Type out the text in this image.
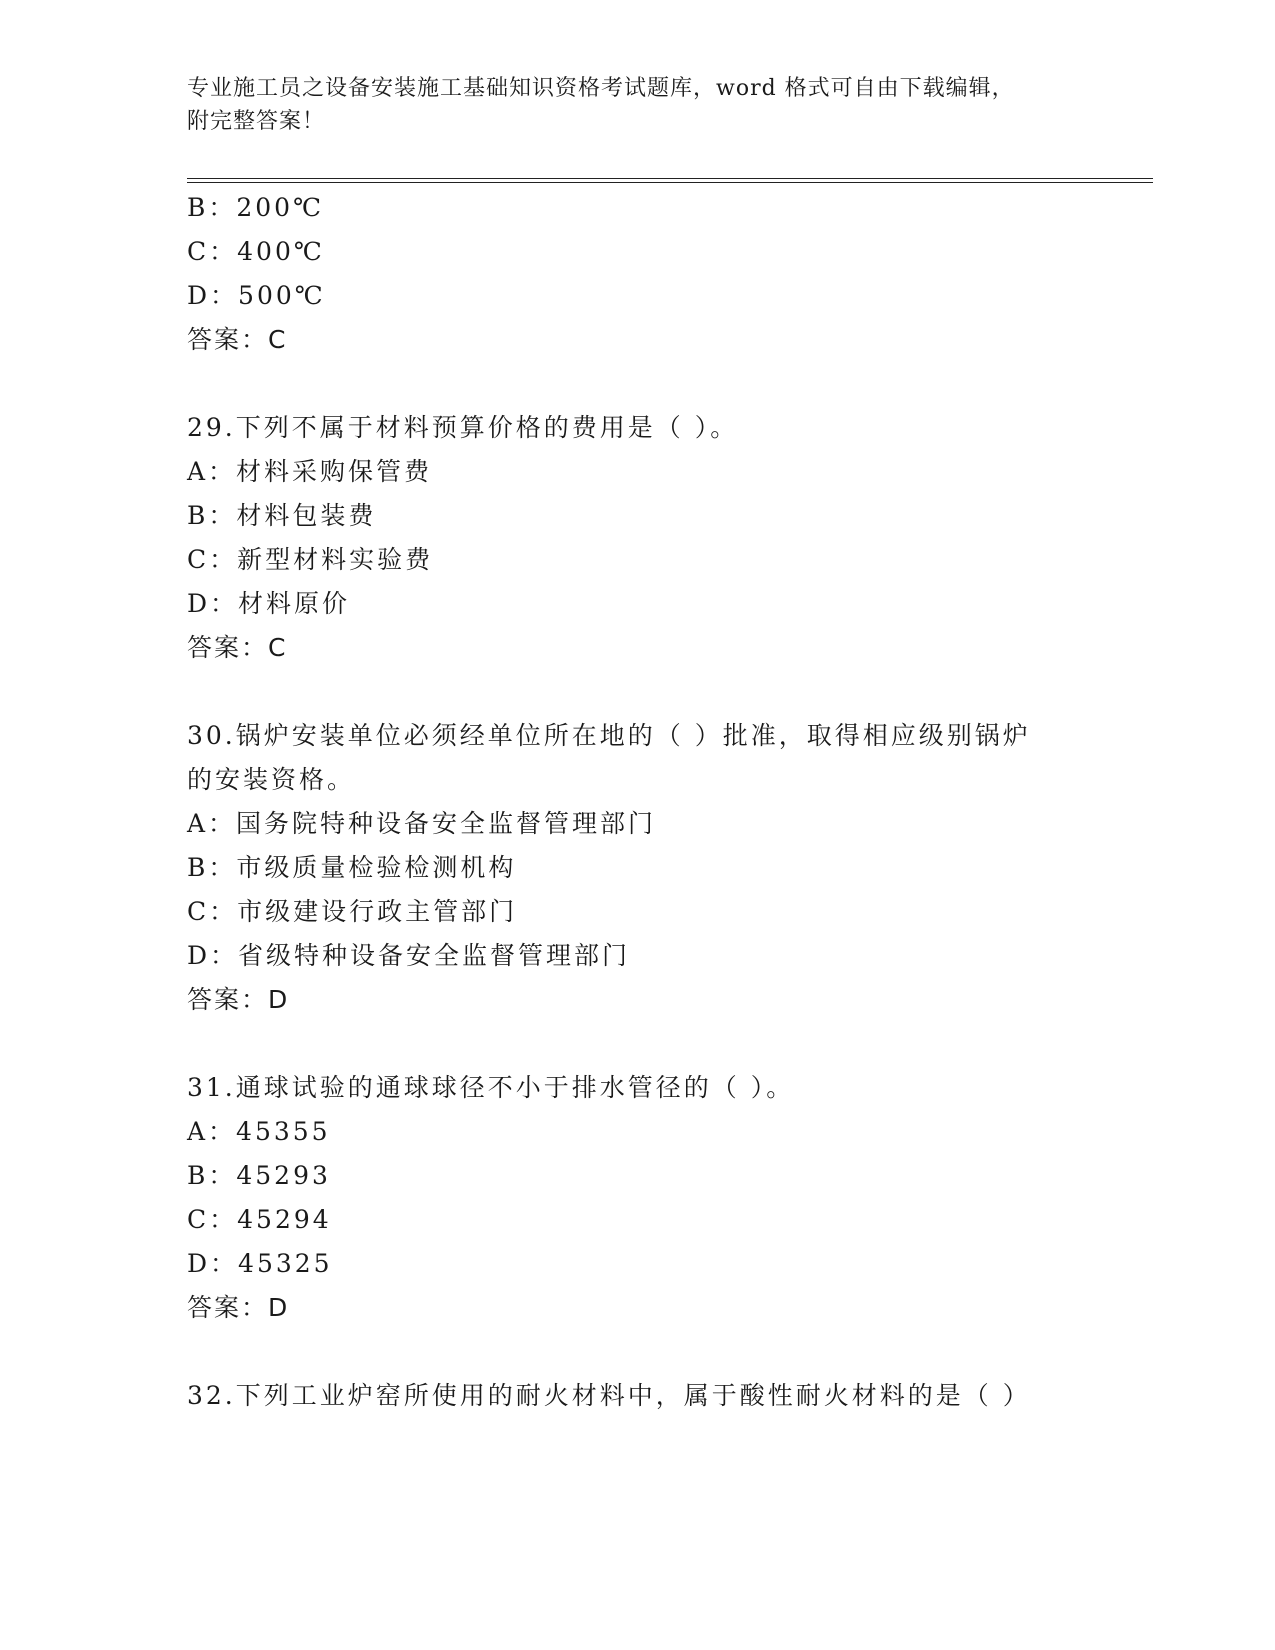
专业施工员之设备安装施工基础知识资格考试题库，word 格式可自由下载编辑，
附完整答案！
B：200℃
C：400℃
D：500℃
答案：C
29.下列不属于材料预算价格的费用是（ ）。
A：材料采购保管费
B：材料包装费
C：新型材料实验费
D：材料原价
答案：C
30.锅炉安装单位必须经单位所在地的（ ）批准，取得相应级别锅炉
的安装资格。
A：国务院特种设备安全监督管理部门
B：市级质量检验检测机构
C：市级建设行政主管部门
D：省级特种设备安全监督管理部门
答案：D
31.通球试验的通球球径不小于排水管径的（ ）。
A：45355
B：45293
C：45294
D：45325
答案：D
32.下列工业炉窑所使用的耐火材料中，属于酸性耐火材料的是（ ）
